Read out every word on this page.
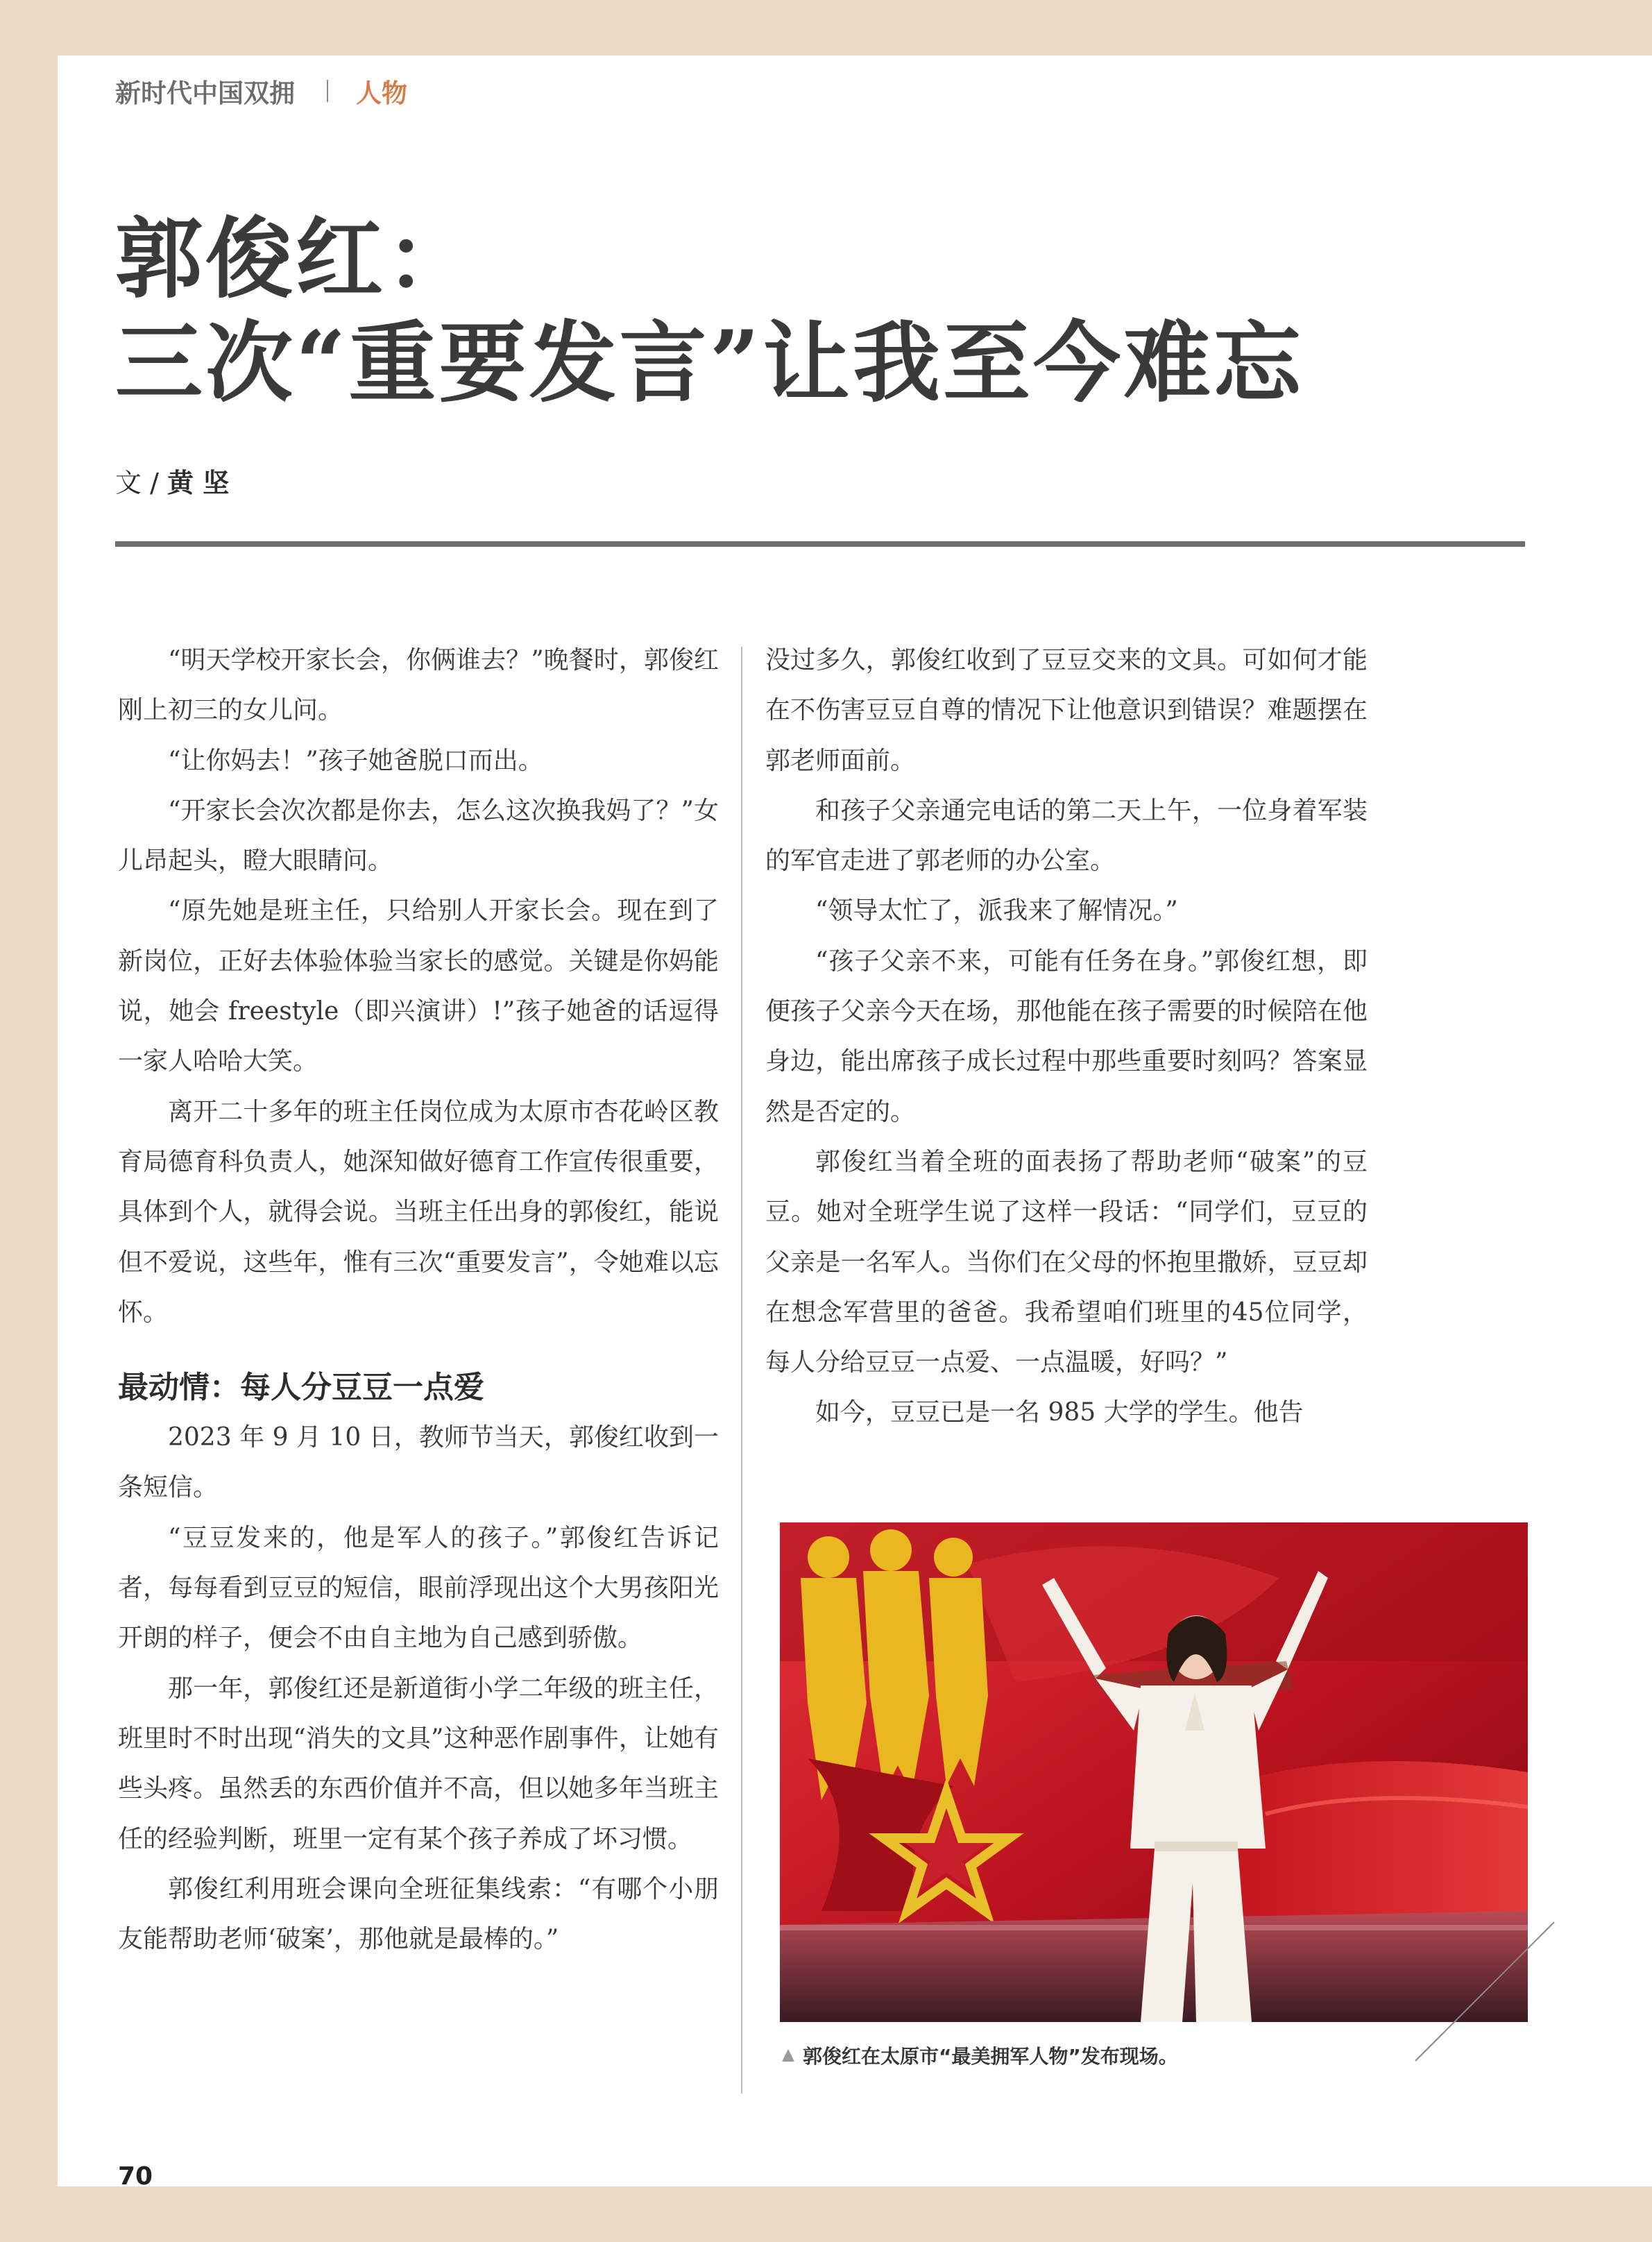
新时代中国双拥 人物
郭俊红：
三次“重要发言”让我至今难忘
文 / 黄 坚

“明天学校开家长会，你俩谁去？”晚餐时，郭俊红刚上初三的女儿问。

“让你妈去！”孩子她爸脱口而出。

“开家长会次次都是你去，怎么这次换我妈了？”女儿昂起头，瞪大眼睛问。

“原先她是班主任，只给别人开家长会。现在到了新岗位，正好去体验体验当家长的感觉。关键是你妈能说，她会 freestyle（即兴演讲）!”孩子她爸的话逗得一家人哈哈大笑。

离开二十多年的班主任岗位成为太原市杏花岭区教育局德育科负责人，她深知做好德育工作宣传很重要，具体到个人，就得会说。当班主任出身的郭俊红，能说但不爱说，这些年，惟有三次“重要发言”，令她难以忘怀。

最动情：每人分豆豆一点爱

2023 年 9 月 10 日，教师节当天，郭俊红收到一条短信。

“豆豆发来的，他是军人的孩子。”郭俊红告诉记者，每每看到豆豆的短信，眼前浮现出这个大男孩阳光开朗的样子，便会不由自主地为自己感到骄傲。

那一年，郭俊红还是新道街小学二年级的班主任，班里时不时出现“消失的文具”这种恶作剧事件，让她有些头疼。虽然丢的东西价值并不高，但以她多年当班主任的经验判断，班里一定有某个孩子养成了坏习惯。

郭俊红利用班会课向全班征集线索：“有哪个小朋友能帮助老师‘破案’，那他就是最棒的。”

没过多久，郭俊红收到了豆豆交来的文具。可如何才能在不伤害豆豆自尊的情况下让他意识到错误？难题摆在郭老师面前。

和孩子父亲通完电话的第二天上午，一位身着军装的军官走进了郭老师的办公室。

“领导太忙了，派我来了解情况。”

“孩子父亲不来，可能有任务在身。”郭俊红想，即便孩子父亲今天在场，那他能在孩子需要的时候陪在他身边，能出席孩子成长过程中那些重要时刻吗？答案显然是否定的。

郭俊红当着全班的面表扬了帮助老师“破案”的豆豆。她对全班学生说了这样一段话：“同学们，豆豆的父亲是一名军人。当你们在父母的怀抱里撒娇，豆豆却在想念军营里的爸爸。我希望咱们班里的45位同学，每人分给豆豆一点爱、一点温暖，好吗？”

如今，豆豆已是一名 985 大学的学生。他告

郭俊红在太原市“最美拥军人物”发布现场。
70
